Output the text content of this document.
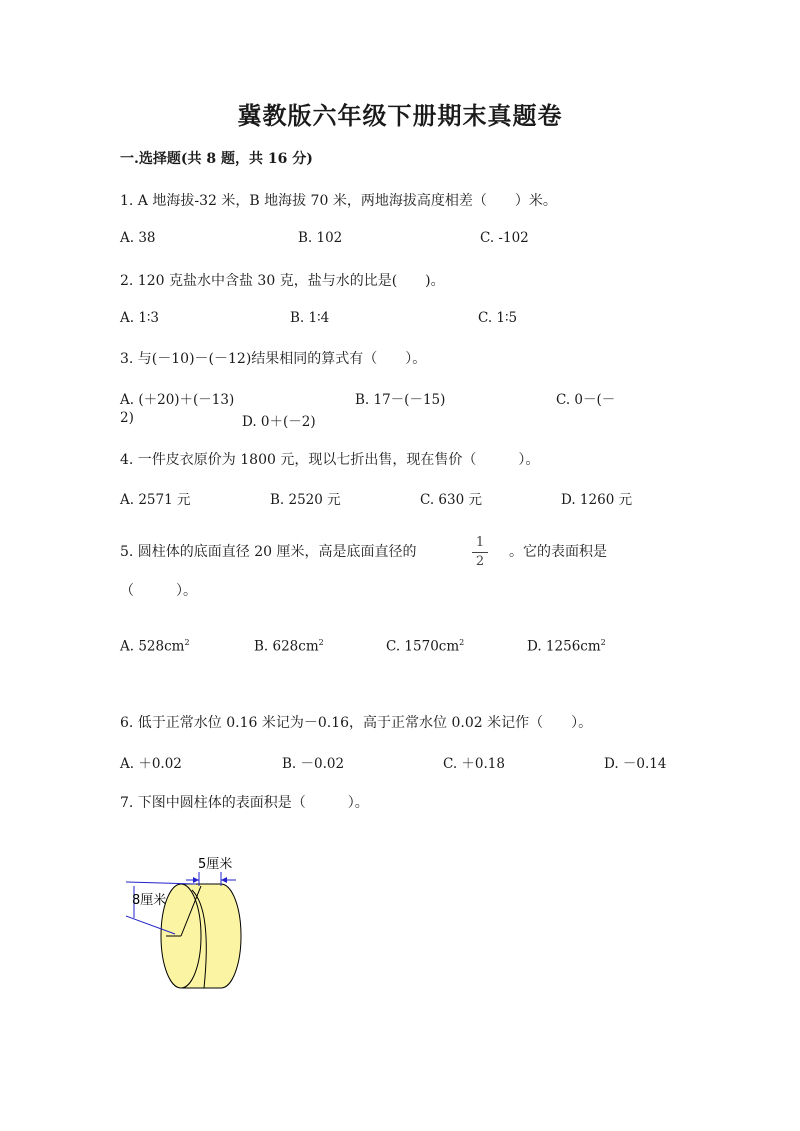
冀教版六年级下册期末真题卷
一.选择题(共 8 题，共 16 分)
1. A 地海拔-32 米，B 地海拔 70 米，两地海拔高度相差（　　）米。
A. 38	B. 102	C. -102
2. 120 克盐水中含盐 30 克，盐与水的比是(　　)。
A. 1∶3	B. 1∶4	C. 1∶5
3. 与(－10)－(－12)结果相同的算式有（　　）。
A. (＋20)＋(－13)	B. 17－(－15)	C. 0－(－
2)	D. 0＋(－2)
4. 一件皮衣原价为 1800 元，现以七折出售，现在售价（　　　）。
A. 2571 元	B. 2520 元	C. 630 元	D. 1260 元
5. 圆柱体的底面直径 20 厘米，高是底面直径的
1
2
。它的表面积是
（　　　）。
A. $528cm^2$	B. $628cm^2$	C. $1570cm^2$	D. $1256cm^2$
6. 低于正常水位 0.16 米记为－0.16，高于正常水位 0.02 米记作（　　）。
A. ＋0.02	B. －0.02	C. ＋0.18	D. －0.14
7. 下图中圆柱体的表面积是（　　　）。
8厘米
5厘米
